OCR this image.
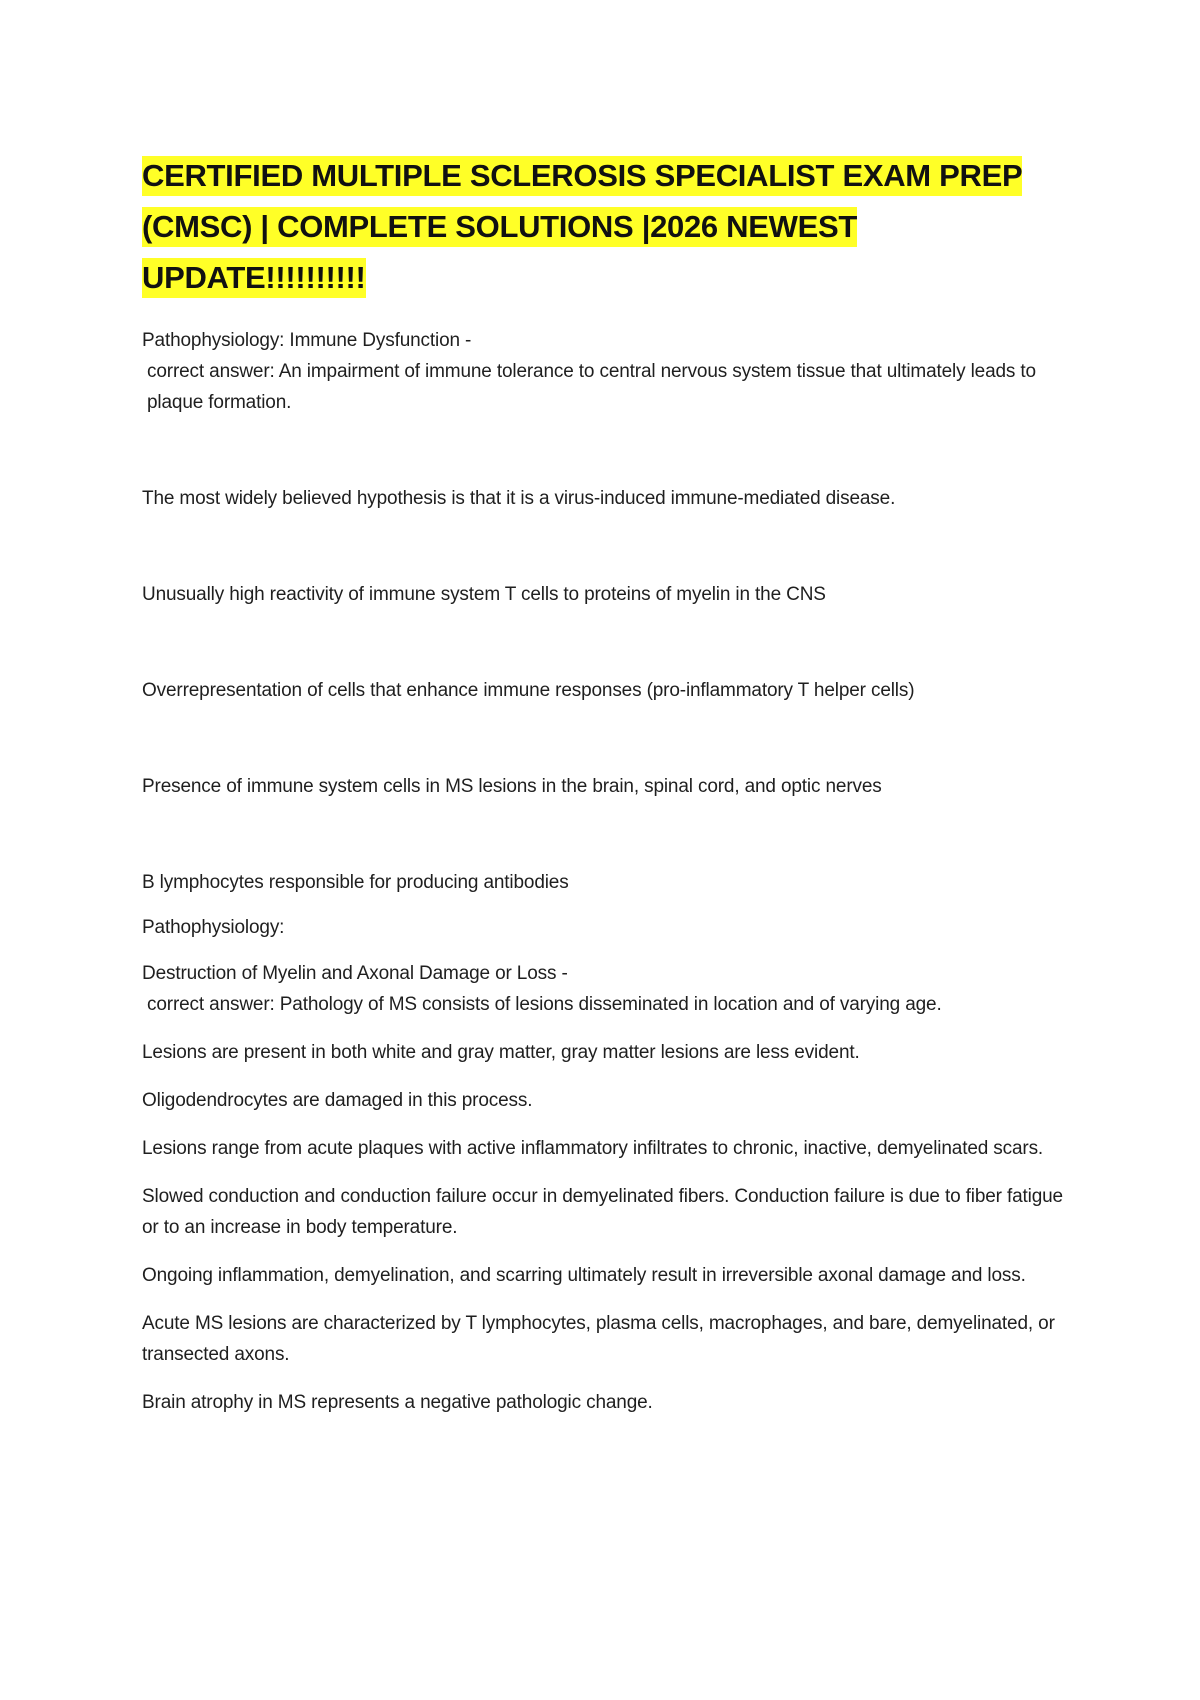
CERTIFIED MULTIPLE SCLEROSIS SPECIALIST EXAM PREP (CMSC) | COMPLETE SOLUTIONS |2026 NEWEST UPDATE!!!!!!!!!!

Pathophysiology: Immune Dysfunction -

correct answer: An impairment of immune tolerance to central nervous system tissue that ultimately leads to plaque formation.

The most widely believed hypothesis is that it is a virus-induced immune-mediated disease.

Unusually high reactivity of immune system T cells to proteins of myelin in the CNS

Overrepresentation of cells that enhance immune responses (pro-inflammatory T helper cells)

Presence of immune system cells in MS lesions in the brain, spinal cord, and optic nerves

B lymphocytes responsible for producing antibodies

Pathophysiology:

Destruction of Myelin and Axonal Damage or Loss -

correct answer: Pathology of MS consists of lesions disseminated in location and of varying age.

Lesions are present in both white and gray matter, gray matter lesions are less evident.

Oligodendrocytes are damaged in this process.

Lesions range from acute plaques with active inflammatory infiltrates to chronic, inactive, demyelinated scars.

Slowed conduction and conduction failure occur in demyelinated fibers. Conduction failure is due to fiber fatigue or to an increase in body temperature.

Ongoing inflammation, demyelination, and scarring ultimately result in irreversible axonal damage and loss.

Acute MS lesions are characterized by T lymphocytes, plasma cells, macrophages, and bare, demyelinated, or transected axons.

Brain atrophy in MS represents a negative pathologic change.
